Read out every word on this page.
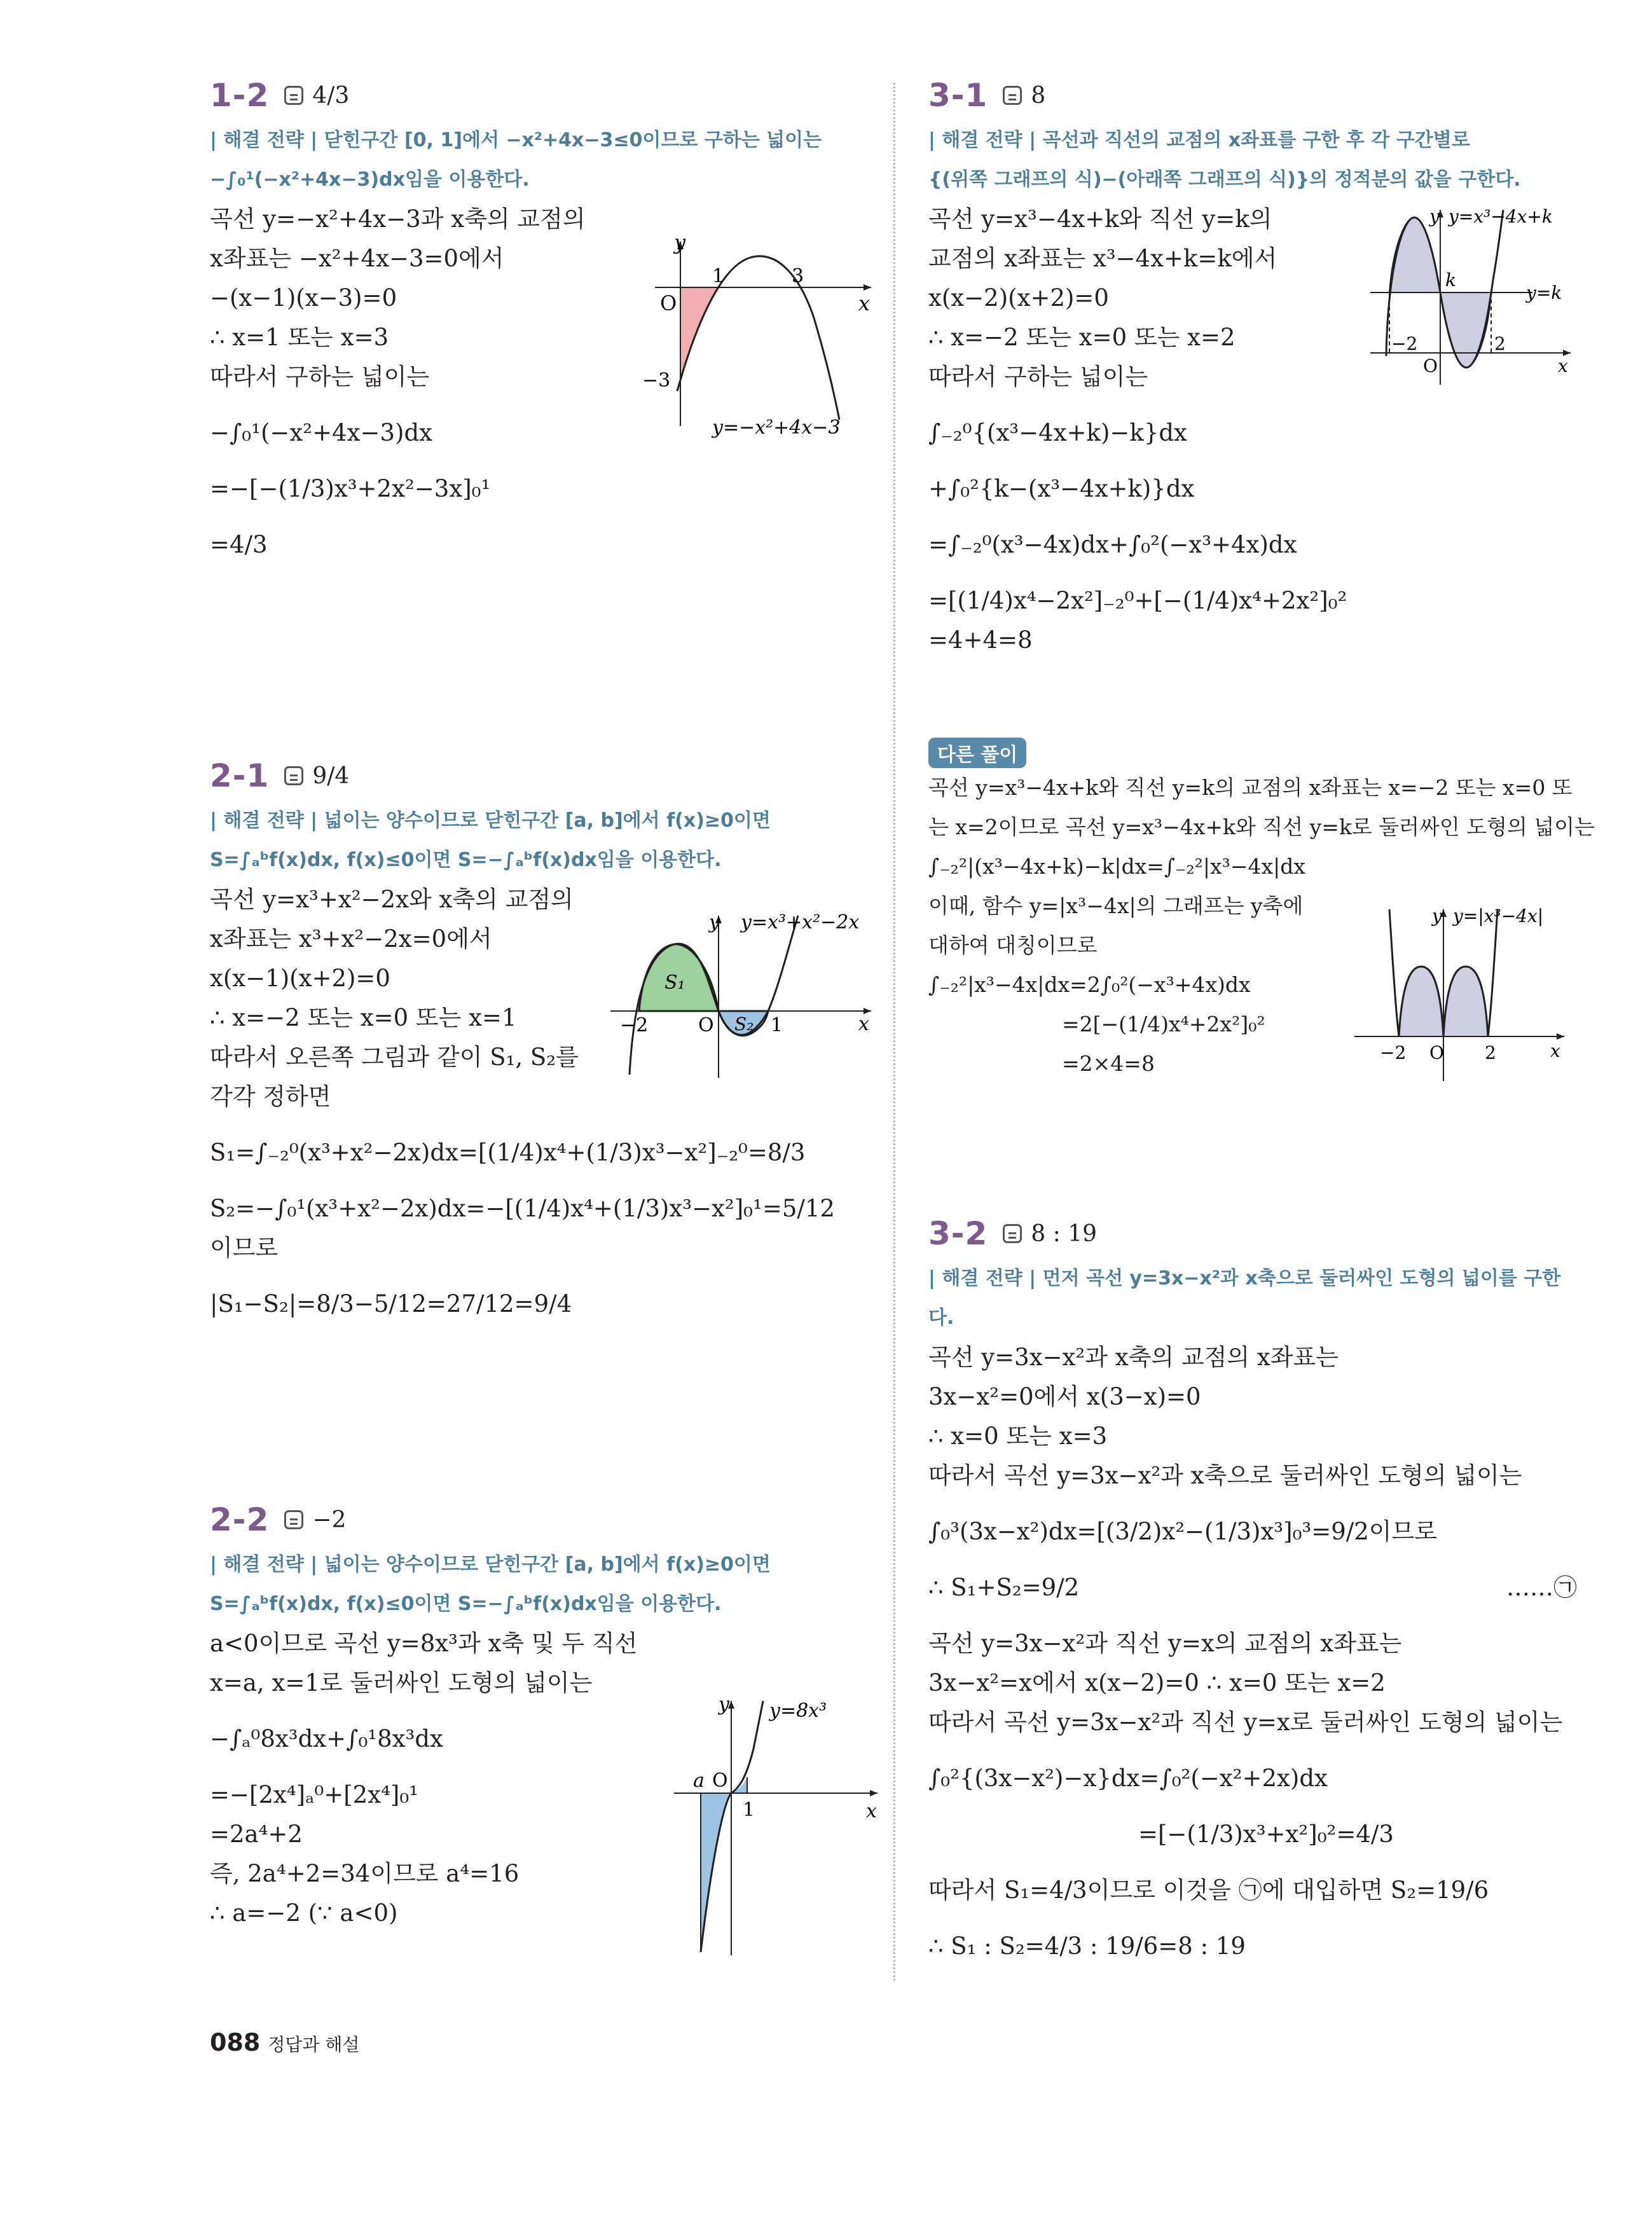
1-2 4/3
| 해결 전략 | 닫힌구간 [0, 1]에서 −x²+4x−3≤0이므로 구하는 넓이는
−∫₀¹(−x²+4x−3)dx임을 이용한다.
곡선 y=−x²+4x−3과 x축의 교점의
x좌표는 −x²+4x−3=0에서
−(x−1)(x−3)=0
∴ x=1 또는 x=3
따라서 구하는 넓이는
−∫₀¹(−x²+4x−3)dx
=−[−(1/3)x³+2x²−3x]₀¹
=4/3
y
x
O
1	3
−3
y=−x²+4x−3
2-1 9/4
| 해결 전략 | 넓이는 양수이므로 닫힌구간 [a, b]에서 f(x)≥0이면
S=∫ₐᵇf(x)dx, f(x)≤0이면 S=−∫ₐᵇf(x)dx임을 이용한다.
곡선 y=x³+x²−2x와 x축의 교점의
x좌표는 x³+x²−2x=0에서
x(x−1)(x+2)=0
∴ x=−2 또는 x=0 또는 x=1
따라서 오른쪽 그림과 같이 S₁, S₂를
각각 정하면
S₁=∫₋₂⁰(x³+x²−2x)dx=[(1/4)x⁴+(1/3)x³−x²]₋₂⁰=8/3
S₂=−∫₀¹(x³+x²−2x)dx=−[(1/4)x⁴+(1/3)x³−x²]₀¹=5/12
이므로
|S₁−S₂|=8/3−5/12=27/12=9/4
y
x
O
−2	1
S₁
S₂
y=x³+x²−2x
2-2 −2
| 해결 전략 | 넓이는 양수이므로 닫힌구간 [a, b]에서 f(x)≥0이면
S=∫ₐᵇf(x)dx, f(x)≤0이면 S=−∫ₐᵇf(x)dx임을 이용한다.
a<0이므로 곡선 y=8x³과 x축 및 두 직선
x=a, x=1로 둘러싸인 도형의 넓이는
−∫ₐ⁰8x³dx+∫₀¹8x³dx
=−[2x⁴]ₐ⁰+[2x⁴]₀¹
=2a⁴+2
즉, 2a⁴+2=34이므로 a⁴=16
∴ a=−2 (∵ a<0)
y
x
O
a
1
y=8x³
3-1 8
| 해결 전략 | 곡선과 직선의 교점의 x좌표를 구한 후 각 구간별로
{(위쪽 그래프의 식)−(아래쪽 그래프의 식)}의 정적분의 값을 구한다.
곡선 y=x³−4x+k와 직선 y=k의
교점의 x좌표는 x³−4x+k=k에서
x(x−2)(x+2)=0
∴ x=−2 또는 x=0 또는 x=2
따라서 구하는 넓이는
∫₋₂⁰{(x³−4x+k)−k}dx
+∫₀²{k−(x³−4x+k)}dx
=∫₋₂⁰(x³−4x)dx+∫₀²(−x³+4x)dx
=[(1/4)x⁴−2x²]₋₂⁰+[−(1/4)x⁴+2x²]₀²
=4+4=8
y
x
O
k
−2	2
y=x³−4x+k
y=k
다른 풀이
곡선 y=x³−4x+k와 직선 y=k의 교점의 x좌표는 x=−2 또는 x=0 또
는 x=2이므로 곡선 y=x³−4x+k와 직선 y=k로 둘러싸인 도형의 넓이는
∫₋₂²|(x³−4x+k)−k|dx=∫₋₂²|x³−4x|dx
이때, 함수 y=|x³−4x|의 그래프는 y축에
대하여 대칭이므로
∫₋₂²|x³−4x|dx=2∫₀²(−x³+4x)dx
=2[−(1/4)x⁴+2x²]₀²
=2×4=8
y
x
O
−2	2
y=|x³−4x|
3-2 8 : 19
| 해결 전략 | 먼저 곡선 y=3x−x²과 x축으로 둘러싸인 도형의 넓이를 구한다.
곡선 y=3x−x²과 x축의 교점의 x좌표는
3x−x²=0에서 x(3−x)=0
∴ x=0 또는 x=3
따라서 곡선 y=3x−x²과 x축으로 둘러싸인 도형의 넓이는
∫₀³(3x−x²)dx=[(3/2)x²−(1/3)x³]₀³=9/2이므로
∴ S₁+S₂=9/2	……㉠
곡선 y=3x−x²과 직선 y=x의 교점의 x좌표는
3x−x²=x에서 x(x−2)=0 ∴ x=0 또는 x=2
따라서 곡선 y=3x−x²과 직선 y=x로 둘러싸인 도형의 넓이는
∫₀²{(3x−x²)−x}dx=∫₀²(−x²+2x)dx
=[−(1/3)x³+x²]₀²=4/3
따라서 S₁=4/3이므로 이것을 ㉠에 대입하면 S₂=19/6
∴ S₁ : S₂=4/3 : 19/6=8 : 19
088 정답과 해설
